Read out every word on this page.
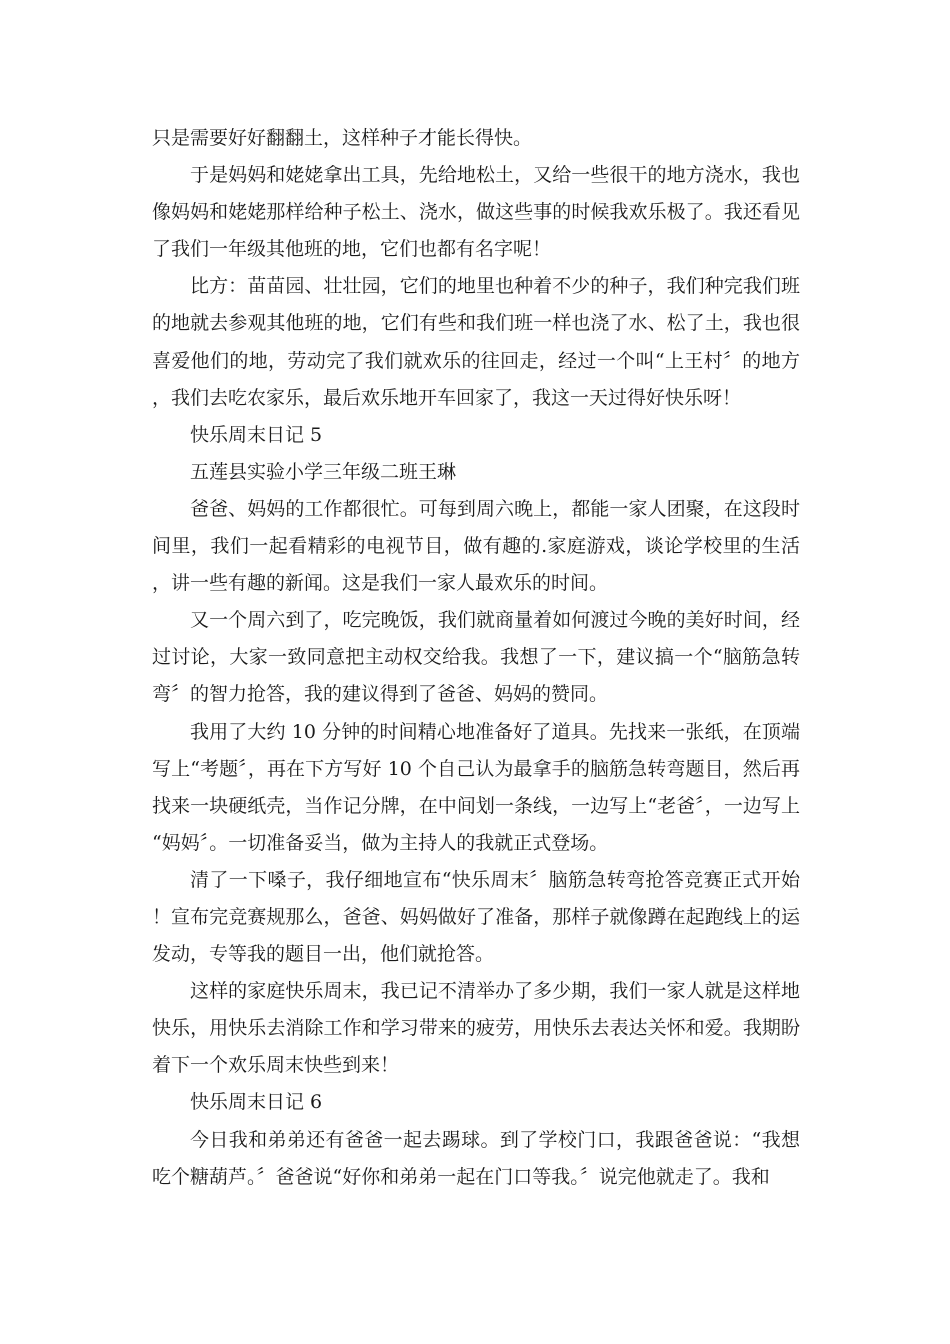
只是需要好好翻翻土，这样种子才能长得快。

于是妈妈和姥姥拿出工具，先给地松土，又给一些很干的地方浇水，我也像妈妈和姥姥那样给种子松土、浇水，做这些事的时候我欢乐极了。我还看见了我们一年级其他班的地，它们也都有名字呢！

比方：苗苗园、壮壮园，它们的地里也种着不少的种子，我们种完我们班的地就去参观其他班的地，它们有些和我们班一样也浇了水、松了土，我也很喜爱他们的地，劳动完了我们就欢乐的往回走，经过一个叫“上王村〞的地方，我们去吃农家乐，最后欢乐地开车回家了，我这一天过得好快乐呀！

快乐周末日记 5

五莲县实验小学三年级二班王琳

爸爸、妈妈的工作都很忙。可每到周六晚上，都能一家人团聚，在这段时间里，我们一起看精彩的电视节目，做有趣的.家庭游戏，谈论学校里的生活，讲一些有趣的新闻。这是我们一家人最欢乐的时间。

又一个周六到了，吃完晚饭，我们就商量着如何渡过今晚的美好时间，经过讨论，大家一致同意把主动权交给我。我想了一下，建议搞一个“脑筋急转弯〞的智力抢答，我的建议得到了爸爸、妈妈的赞同。

我用了大约 10 分钟的时间精心地准备好了道具。先找来一张纸，在顶端写上“考题〞，再在下方写好 10 个自己认为最拿手的脑筋急转弯题目，然后再找来一块硬纸壳，当作记分牌，在中间划一条线，一边写上“老爸〞，一边写上“妈妈〞。一切准备妥当，做为主持人的我就正式登场。

清了一下嗓子，我仔细地宣布“快乐周末〞脑筋急转弯抢答竞赛正式开始！宣布完竞赛规那么，爸爸、妈妈做好了准备，那样子就像蹲在起跑线上的运发动，专等我的题目一出，他们就抢答。

这样的家庭快乐周末，我已记不清举办了多少期，我们一家人就是这样地快乐，用快乐去消除工作和学习带来的疲劳，用快乐去表达关怀和爱。我期盼着下一个欢乐周末快些到来！

快乐周末日记 6

今日我和弟弟还有爸爸一起去踢球。到了学校门口，我跟爸爸说：“我想吃个糖葫芦。〞爸爸说“好你和弟弟一起在门口等我。〞说完他就走了。我和
